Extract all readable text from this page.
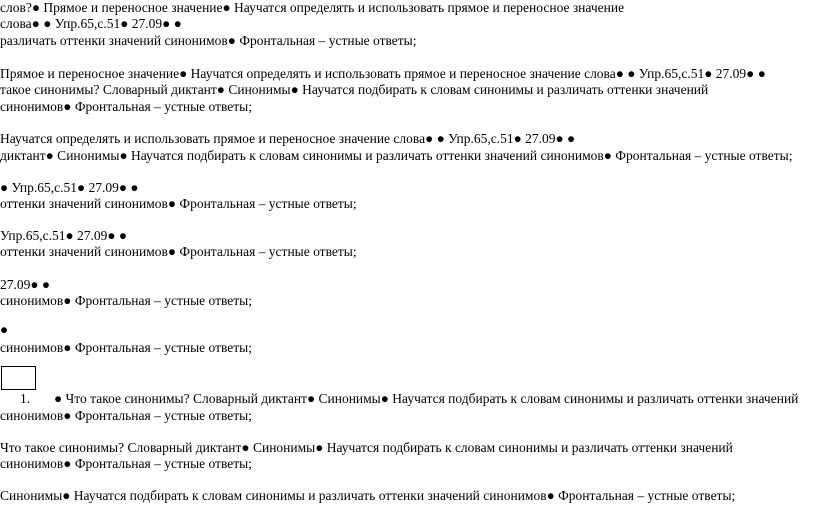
слов?● Прямое и переносное значение● Научатся определять и использовать прямое и переносное значение
слова● ● Упр.65,с.51● 27.09● ●
различать оттенки значений синонимов● Фронтальная – устные ответы;
Прямое и переносное значение● Научатся определять и использовать прямое и переносное значение слова● ● Упр.65,с.51● 27.09● ●
такое синонимы? Словарный диктант● Синонимы● Научатся подбирать к словам синонимы и различать оттенки значений
синонимов● Фронтальная – устные ответы;
Научатся определять и использовать прямое и переносное значение слова● ● Упр.65,с.51● 27.09● ●
диктант● Синонимы● Научатся подбирать к словам синонимы и различать оттенки значений синонимов● Фронтальная – устные ответы;
● Упр.65,с.51● 27.09● ●
оттенки значений синонимов● Фронтальная – устные ответы;
Упр.65,с.51● 27.09● ●
оттенки значений синонимов● Фронтальная – устные ответы;
27.09● ●
синонимов● Фронтальная – устные ответы;
●
синонимов● Фронтальная – устные ответы;
1. ● Что такое синонимы? Словарный диктант● Синонимы● Научатся подбирать к словам синонимы и различать оттенки значений
синонимов● Фронтальная – устные ответы;
Что такое синонимы? Словарный диктант● Синонимы● Научатся подбирать к словам синонимы и различать оттенки значений
синонимов● Фронтальная – устные ответы;
Синонимы● Научатся подбирать к словам синонимы и различать оттенки значений синонимов● Фронтальная – устные ответы;
